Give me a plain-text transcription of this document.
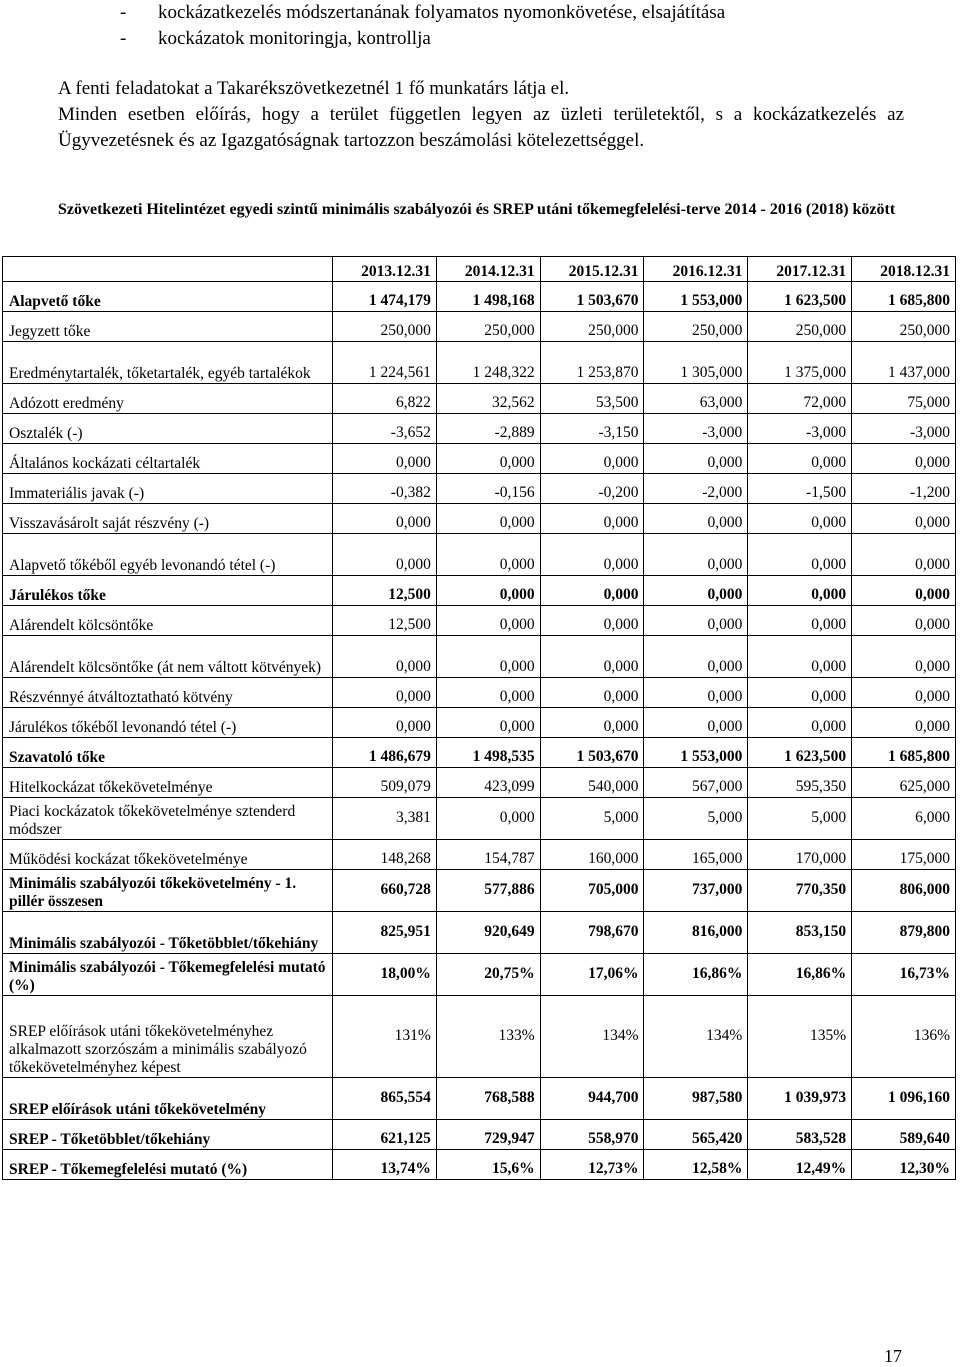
- kockázatkezelés módszertanának folyamatos nyomonkövetése, elsajátítása
- kockázatok monitoringja, kontrollja

A fenti feladatokat a Takarékszövetkezetnél 1 fő munkatárs látja el.

Minden esetben előírás, hogy a terület független legyen az üzleti területektől, s a kockázatkezelés az Ügyvezetésnek és az Igazgatóságnak tartozzon beszámolási kötelezettséggel.

Szövetkezeti Hitelintézet egyedi szintű minimális szabályozói és SREP utáni tőkemegfelelési-terve 2014 - 2016 (2018) között
	2013.12.31	2014.12.31	2015.12.31	2016.12.31	2017.12.31	2018.12.31
Alapvető tőke	1 474,179	1 498,168	1 503,670	1 553,000	1 623,500	1 685,800
Jegyzett tőke	250,000	250,000	250,000	250,000	250,000	250,000
Eredménytartalék, tőketartalék, egyéb tartalékok	1 224,561	1 248,322	1 253,870	1 305,000	1 375,000	1 437,000
Adózott eredmény	6,822	32,562	53,500	63,000	72,000	75,000
Osztalék (-)	-3,652	-2,889	-3,150	-3,000	-3,000	-3,000
Általános kockázati céltartalék	0,000	0,000	0,000	0,000	0,000	0,000
Immateriális javak (-)	-0,382	-0,156	-0,200	-2,000	-1,500	-1,200
Visszavásárolt saját részvény (-)	0,000	0,000	0,000	0,000	0,000	0,000
Alapvető tőkéből egyéb levonandó tétel (-)	0,000	0,000	0,000	0,000	0,000	0,000
Járulékos tőke	12,500	0,000	0,000	0,000	0,000	0,000
Alárendelt kölcsöntőke	12,500	0,000	0,000	0,000	0,000	0,000
Alárendelt kölcsöntőke (át nem váltott kötvények)	0,000	0,000	0,000	0,000	0,000	0,000
Részvénnyé átváltoztatható kötvény	0,000	0,000	0,000	0,000	0,000	0,000
Járulékos tőkéből levonandó tétel (-)	0,000	0,000	0,000	0,000	0,000	0,000
Szavatoló tőke	1 486,679	1 498,535	1 503,670	1 553,000	1 623,500	1 685,800
Hitelkockázat tőkekövetelménye	509,079	423,099	540,000	567,000	595,350	625,000
Piaci kockázatok tőkekövetelménye sztenderd módszer	3,381	0,000	5,000	5,000	5,000	6,000
Működési kockázat tőkekövetelménye	148,268	154,787	160,000	165,000	170,000	175,000
Minimális szabályozói tőkekövetelmény - 1. pillér összesen	660,728	577,886	705,000	737,000	770,350	806,000
Minimális szabályozói - Tőketöbblet/tőkehiány	825,951	920,649	798,670	816,000	853,150	879,800
Minimális szabályozói - Tőkemegfelelési mutató (%)	18,00%	20,75%	17,06%	16,86%	16,86%	16,73%
SREP előírások utáni tőkekövetelményhez alkalmazott szorzószám a minimális szabályozó tőkekövetelményhez képest	131%	133%	134%	134%	135%	136%
SREP előírások utáni tőkekövetelmény	865,554	768,588	944,700	987,580	1 039,973	1 096,160
SREP - Tőketöbblet/tőkehiány	621,125	729,947	558,970	565,420	583,528	589,640
SREP - Tőkemegfelelési mutató (%)	13,74%	15,6%	12,73%	12,58%	12,49%	12,30%
17
